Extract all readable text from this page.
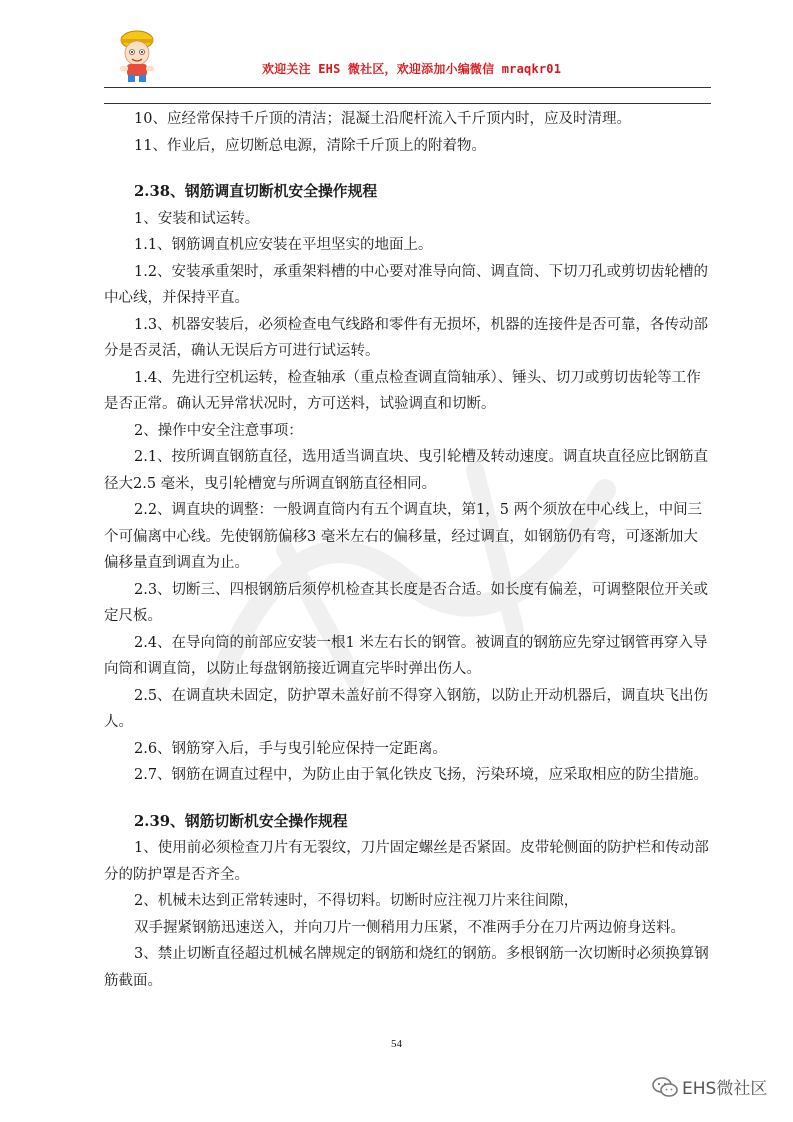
欢迎关注 EHS 微社区，欢迎添加小编微信 mraqkr01

10、应经常保持千斤顶的清洁；混凝土沿爬杆流入千斤顶内时，应及时清理。

11、作业后，应切断总电源，清除千斤顶上的附着物。

2.38、钢筋调直切断机安全操作规程

1、安装和试运转。

1.1、钢筋调直机应安装在平坦坚实的地面上。

1.2、安装承重架时，承重架料槽的中心要对准导向筒、调直筒、下切刀孔或剪切齿轮槽的中心线，并保持平直。

1.3、机器安装后，必须检查电气线路和零件有无损坏，机器的连接件是否可靠，各传动部分是否灵活，确认无误后方可进行试运转。

1.4、先进行空机运转，检查轴承（重点检查调直筒轴承）、锤头、切刀或剪切齿轮等工作是否正常。确认无异常状况时，方可送料，试验调直和切断。

2、操作中安全注意事项：

2.1、按所调直钢筋直径，选用适当调直块、曳引轮槽及转动速度。调直块直径应比钢筋直径大2.5 毫米，曳引轮槽宽与所调直钢筋直径相同。

2.2、调直块的调整：一般调直筒内有五个调直块，第1，5 两个须放在中心线上，中间三个可偏离中心线。先使钢筋偏移3 毫米左右的偏移量，经过调直，如钢筋仍有弯，可逐渐加大偏移量直到调直为止。

2.3、切断三、四根钢筋后须停机检查其长度是否合适。如长度有偏差，可调整限位开关或定尺板。

2.4、在导向筒的前部应安装一根1 米左右长的钢管。被调直的钢筋应先穿过钢管再穿入导向筒和调直筒，以防止每盘钢筋接近调直完毕时弹出伤人。

2.5、在调直块未固定，防护罩未盖好前不得穿入钢筋，以防止开动机器后，调直块飞出伤人。

2.6、钢筋穿入后，手与曳引轮应保持一定距离。

2.7、钢筋在调直过程中，为防止由于氧化铁皮飞扬，污染环境，应采取相应的防尘措施。

2.39、钢筋切断机安全操作规程

1、使用前必须检查刀片有无裂纹，刀片固定螺丝是否紧固。皮带轮侧面的防护栏和传动部分的防护罩是否齐全。

2、机械未达到正常转速时，不得切料。切断时应注视刀片来往间隙，

双手握紧钢筋迅速送入，并向刀片一侧稍用力压紧，不准两手分在刀片两边俯身送料。

3、禁止切断直径超过机械名牌规定的钢筋和烧红的钢筋。多根钢筋一次切断时必须换算钢筋截面。

54
EHS微社区
